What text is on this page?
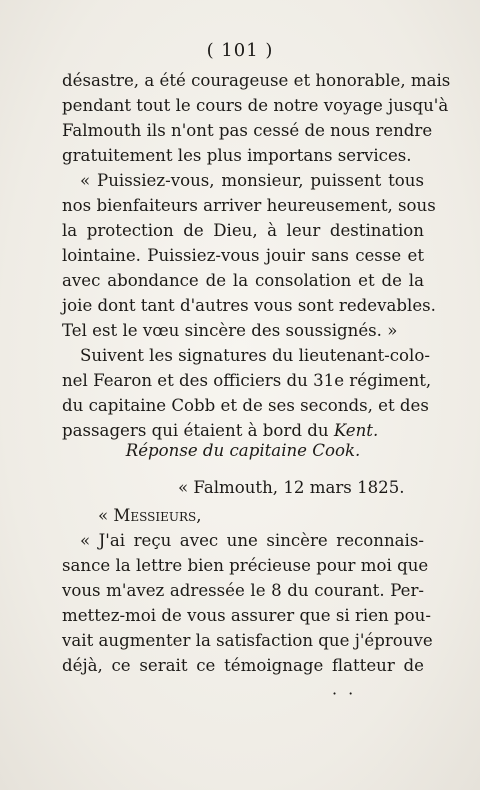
( 101 )
désastre, a été courageuse et honorable, mais
pendant tout le cours de notre voyage jusqu'à
Falmouth ils n'ont pas cessé de nous rendre
gratuitement les plus importans services.
« Puissiez-vous, monsieur, puissent tous
nos bienfaiteurs arriver heureusement, sous
la protection de Dieu, à leur destination
lointaine. Puissiez-vous jouir sans cesse et
avec abondance de la consolation et de la
joie dont tant d'autres vous sont redevables.
Tel est le vœu sincère des soussignés. »
Suivent les signatures du lieutenant-colo-
nel Fearon et des officiers du 31e régiment,
du capitaine Cobb et de ses seconds, et des
passagers qui étaient à bord du Kent.
Réponse du capitaine Cook.
« Falmouth, 12 mars 1825.
« Messieurs,
« J'ai reçu avec une sincère reconnais-
sance la lettre bien précieuse pour moi que
vous m'avez adressée le 8 du courant. Per-
mettez-moi de vous assurer que si rien pou-
vait augmenter la satisfaction que j'éprouve
déjà, ce serait ce témoignage flatteur de
· ·
